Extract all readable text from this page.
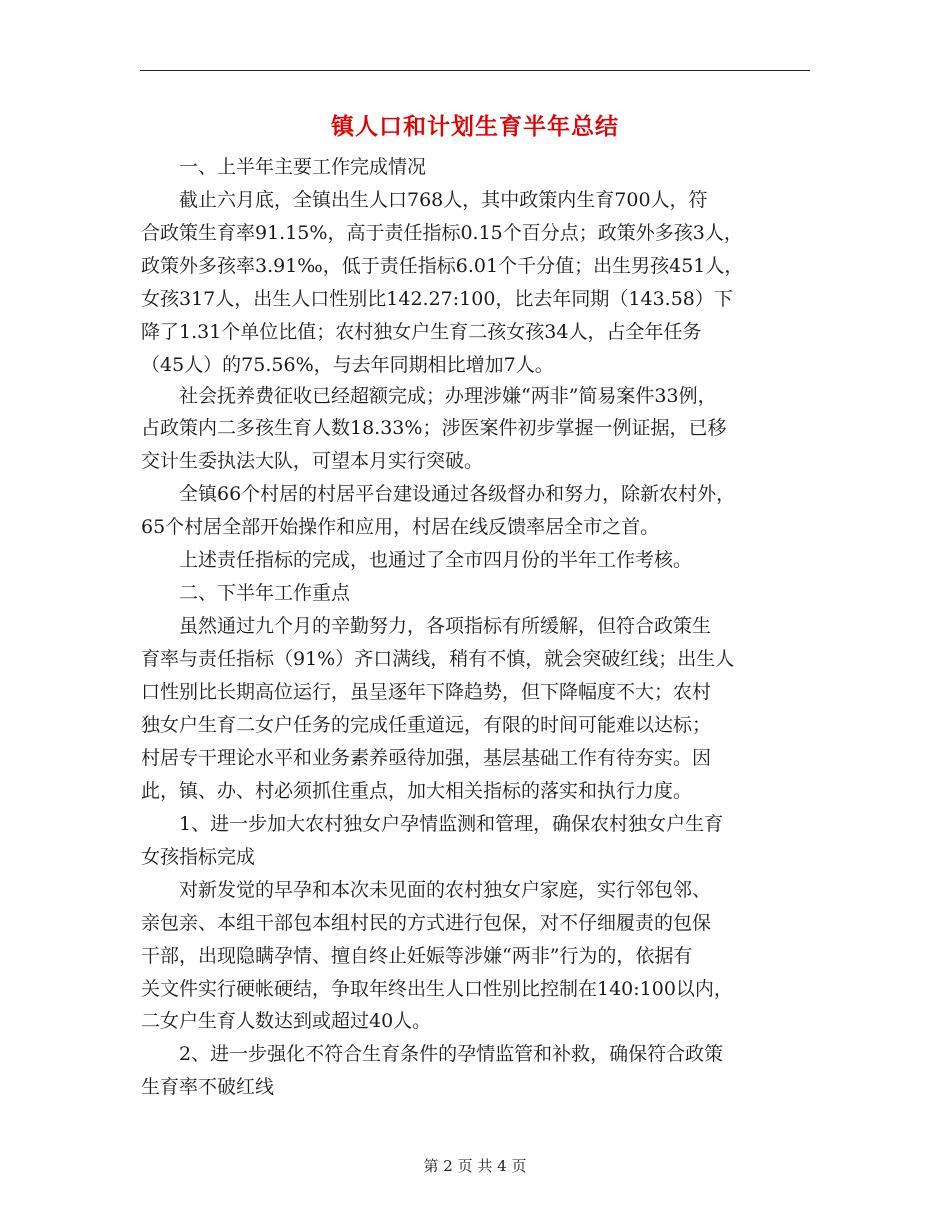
镇人口和计划生育半年总结
　　一、上半年主要工作完成情况
　　截止六月底，全镇出生人口768人，其中政策内生育700人，符
合政策生育率91.15%，高于责任指标0.15个百分点；政策外多孩3人，
政策外多孩率3.91‰，低于责任指标6.01个千分值；出生男孩451人，
女孩317人，出生人口性别比142.27:100，比去年同期（143.58）下
降了1.31个单位比值；农村独女户生育二孩女孩34人，占全年任务
（45人）的75.56%，与去年同期相比增加7人。
　　社会抚养费征收已经超额完成；办理涉嫌“两非”简易案件33例，
占政策内二多孩生育人数18.33%；涉医案件初步掌握一例证据，已移
交计生委执法大队，可望本月实行突破。
　　全镇66个村居的村居平台建设通过各级督办和努力，除新农村外，
65个村居全部开始操作和应用，村居在线反馈率居全市之首。
　　上述责任指标的完成，也通过了全市四月份的半年工作考核。
　　二、下半年工作重点
　　虽然通过九个月的辛勤努力，各项指标有所缓解，但符合政策生
育率与责任指标（91%）齐口满线，稍有不慎，就会突破红线；出生人
口性别比长期高位运行，虽呈逐年下降趋势，但下降幅度不大；农村
独女户生育二女户任务的完成任重道远，有限的时间可能难以达标；
村居专干理论水平和业务素养亟待加强，基层基础工作有待夯实。因
此，镇、办、村必须抓住重点，加大相关指标的落实和执行力度。
　　1、进一步加大农村独女户孕情监测和管理，确保农村独女户生育
女孩指标完成
　　对新发觉的早孕和本次未见面的农村独女户家庭，实行邻包邻、
亲包亲、本组干部包本组村民的方式进行包保，对不仔细履责的包保
干部，出现隐瞒孕情、擅自终止妊娠等涉嫌“两非”行为的，依据有
关文件实行硬帐硬结，争取年终出生人口性别比控制在140:100以内，
二女户生育人数达到或超过40人。
　　2、进一步强化不符合生育条件的孕情监管和补救，确保符合政策
生育率不破红线
第 2 页 共 4 页
